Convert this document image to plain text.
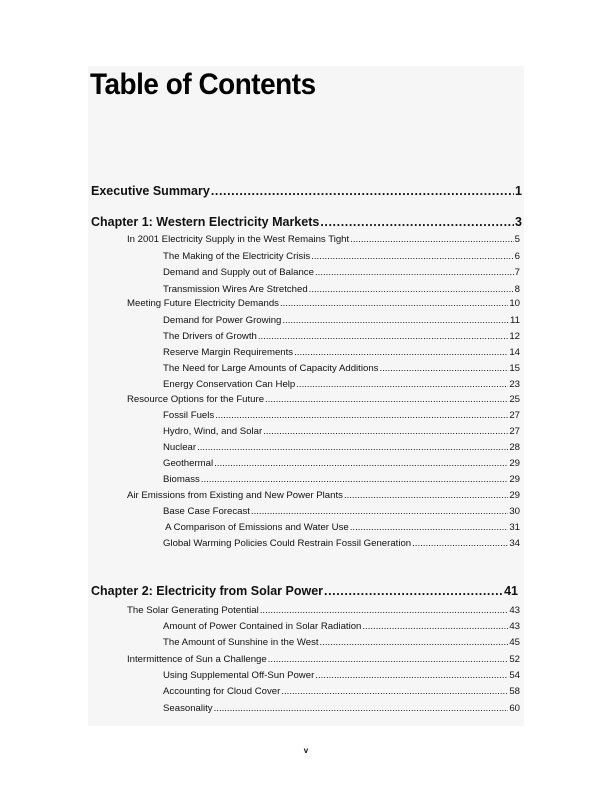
Table of Contents
Executive Summary .....	1
Chapter 1: Western Electricity Markets .....	3
In 2001 Electricity Supply in the West Remains Tight .....	5
The Making of the Electricity Crisis .....	6
Demand and Supply out of Balance .....	7
Transmission Wires Are Stretched .....	8
Meeting Future Electricity Demands .....	10
Demand for Power Growing .....	11
The Drivers of Growth .....	12
Reserve Margin Requirements .....	14
The Need for Large Amounts of Capacity Additions .....	15
Energy Conservation Can Help .....	23
Resource Options for the Future .....	25
Fossil Fuels .....	27
Hydro, Wind, and Solar .....	27
Nuclear .....	28
Geothermal .....	29
Biomass .....	29
Air Emissions from Existing and New Power Plants .....	29
Base Case Forecast .....	30
A Comparison of Emissions and Water Use .....	31
Global Warming Policies Could Restrain Fossil Generation .....	34
Chapter 2: Electricity from Solar Power .....	41
The Solar Generating Potential .....	43
Amount of Power Contained in Solar Radiation .....	43
The Amount of Sunshine in the West .....	45
Intermittence of Sun a Challenge .....	52
Using Supplemental Off-Sun Power .....	54
Accounting for Cloud Cover .....	58
Seasonality .....	60
v
